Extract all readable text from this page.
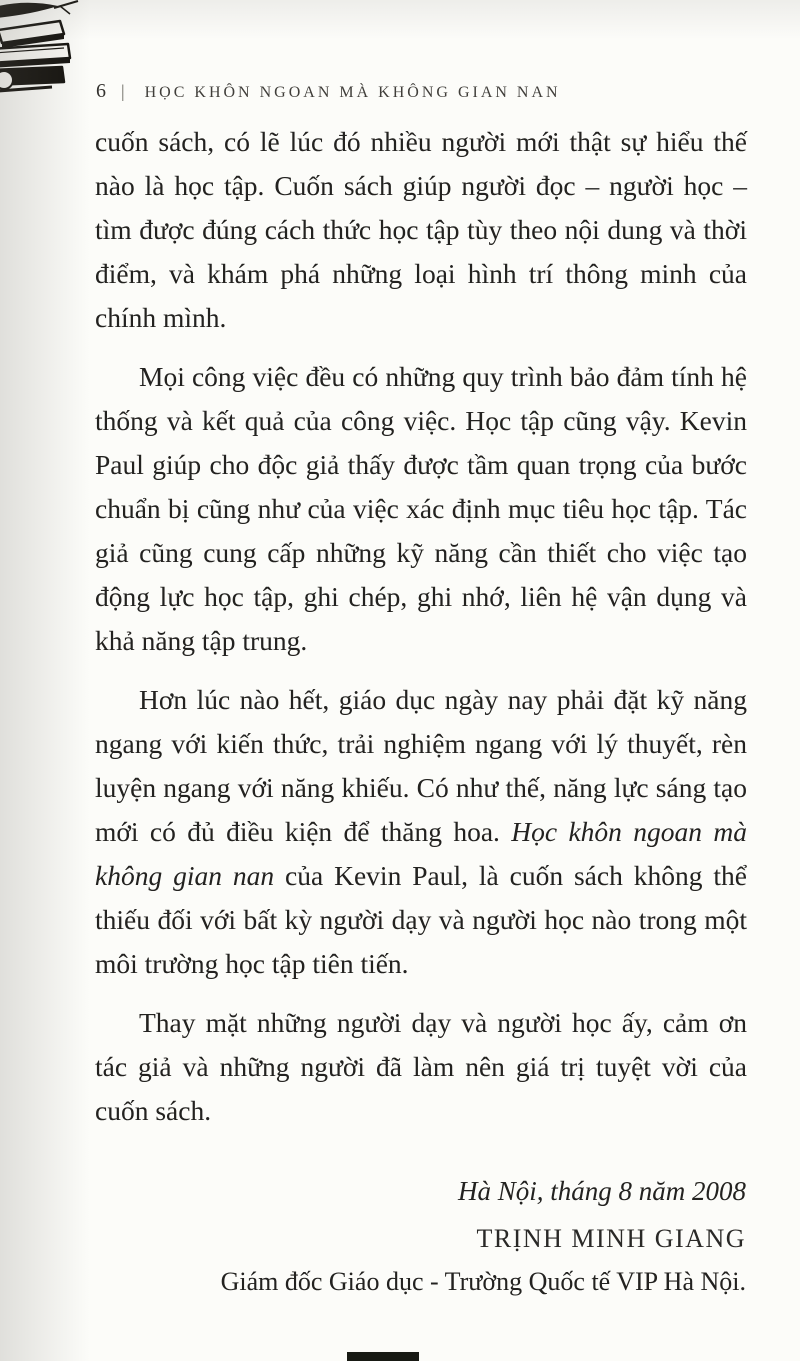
6 | HỌC KHÔN NGOAN MÀ KHÔNG GIAN NAN

cuốn sách, có lẽ lúc đó nhiều người mới thật sự hiểu thế nào là học tập. Cuốn sách giúp người đọc – người học – tìm được đúng cách thức học tập tùy theo nội dung và thời điểm, và khám phá những loại hình trí thông minh của chính mình.

Mọi công việc đều có những quy trình bảo đảm tính hệ thống và kết quả của công việc. Học tập cũng vậy. Kevin Paul giúp cho độc giả thấy được tầm quan trọng của bước chuẩn bị cũng như của việc xác định mục tiêu học tập. Tác giả cũng cung cấp những kỹ năng cần thiết cho việc tạo động lực học tập, ghi chép, ghi nhớ, liên hệ vận dụng và khả năng tập trung.

Hơn lúc nào hết, giáo dục ngày nay phải đặt kỹ năng ngang với kiến thức, trải nghiệm ngang với lý thuyết, rèn luyện ngang với năng khiếu. Có như thế, năng lực sáng tạo mới có đủ điều kiện để thăng hoa. Học khôn ngoan mà không gian nan của Kevin Paul, là cuốn sách không thể thiếu đối với bất kỳ người dạy và người học nào trong một môi trường học tập tiên tiến.

Thay mặt những người dạy và người học ấy, cảm ơn tác giả và những người đã làm nên giá trị tuyệt vời của cuốn sách.

Hà Nội, tháng 8 năm 2008
TRỊNH MINH GIANG
Giám đốc Giáo dục - Trường Quốc tế VIP Hà Nội.
